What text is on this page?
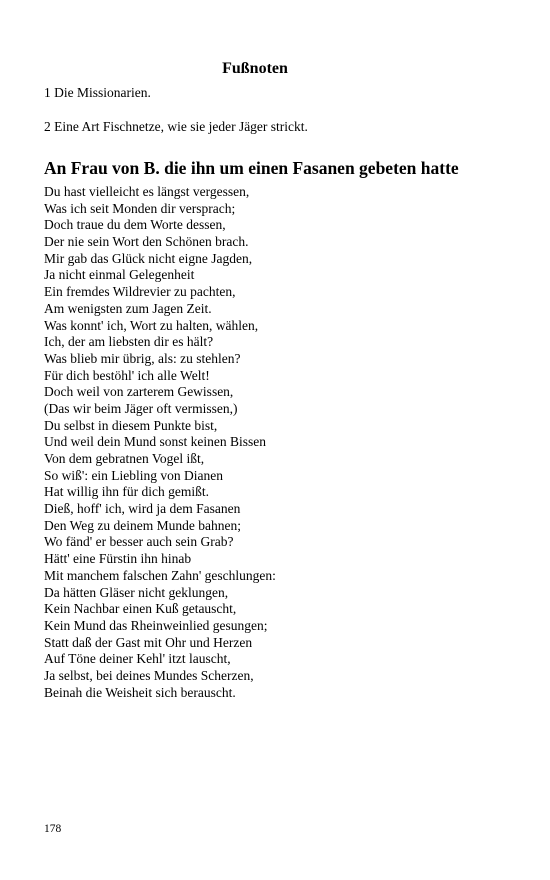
Fußnoten

1 Die Missionarien.

2 Eine Art Fischnetze, wie sie jeder Jäger strickt.

An Frau von B. die ihn um einen Fasanen gebeten hatte
Du hast vielleicht es längst vergessen,
Was ich seit Monden dir versprach;
Doch traue du dem Worte dessen,
Der nie sein Wort den Schönen brach.
Mir gab das Glück nicht eigne Jagden,
Ja nicht einmal Gelegenheit
Ein fremdes Wildrevier zu pachten,
Am wenigsten zum Jagen Zeit.
Was konnt' ich, Wort zu halten, wählen,
Ich, der am liebsten dir es hält?
Was blieb mir übrig, als: zu stehlen?
Für dich bestöhl' ich alle Welt!
Doch weil von zarterem Gewissen,
(Das wir beim Jäger oft vermissen,)
Du selbst in diesem Punkte bist,
Und weil dein Mund sonst keinen Bissen
Von dem gebratnen Vogel ißt,
So wiß': ein Liebling von Dianen
Hat willig ihn für dich gemißt.
Dieß, hoff' ich, wird ja dem Fasanen
Den Weg zu deinem Munde bahnen;
Wo fänd' er besser auch sein Grab?
Hätt' eine Fürstin ihn hinab
Mit manchem falschen Zahn' geschlungen:
Da hätten Gläser nicht geklungen,
Kein Nachbar einen Kuß getauscht,
Kein Mund das Rheinweinlied gesungen;
Statt daß der Gast mit Ohr und Herzen
Auf Töne deiner Kehl' itzt lauscht,
Ja selbst, bei deines Mundes Scherzen,
Beinah die Weisheit sich berauscht.

178
